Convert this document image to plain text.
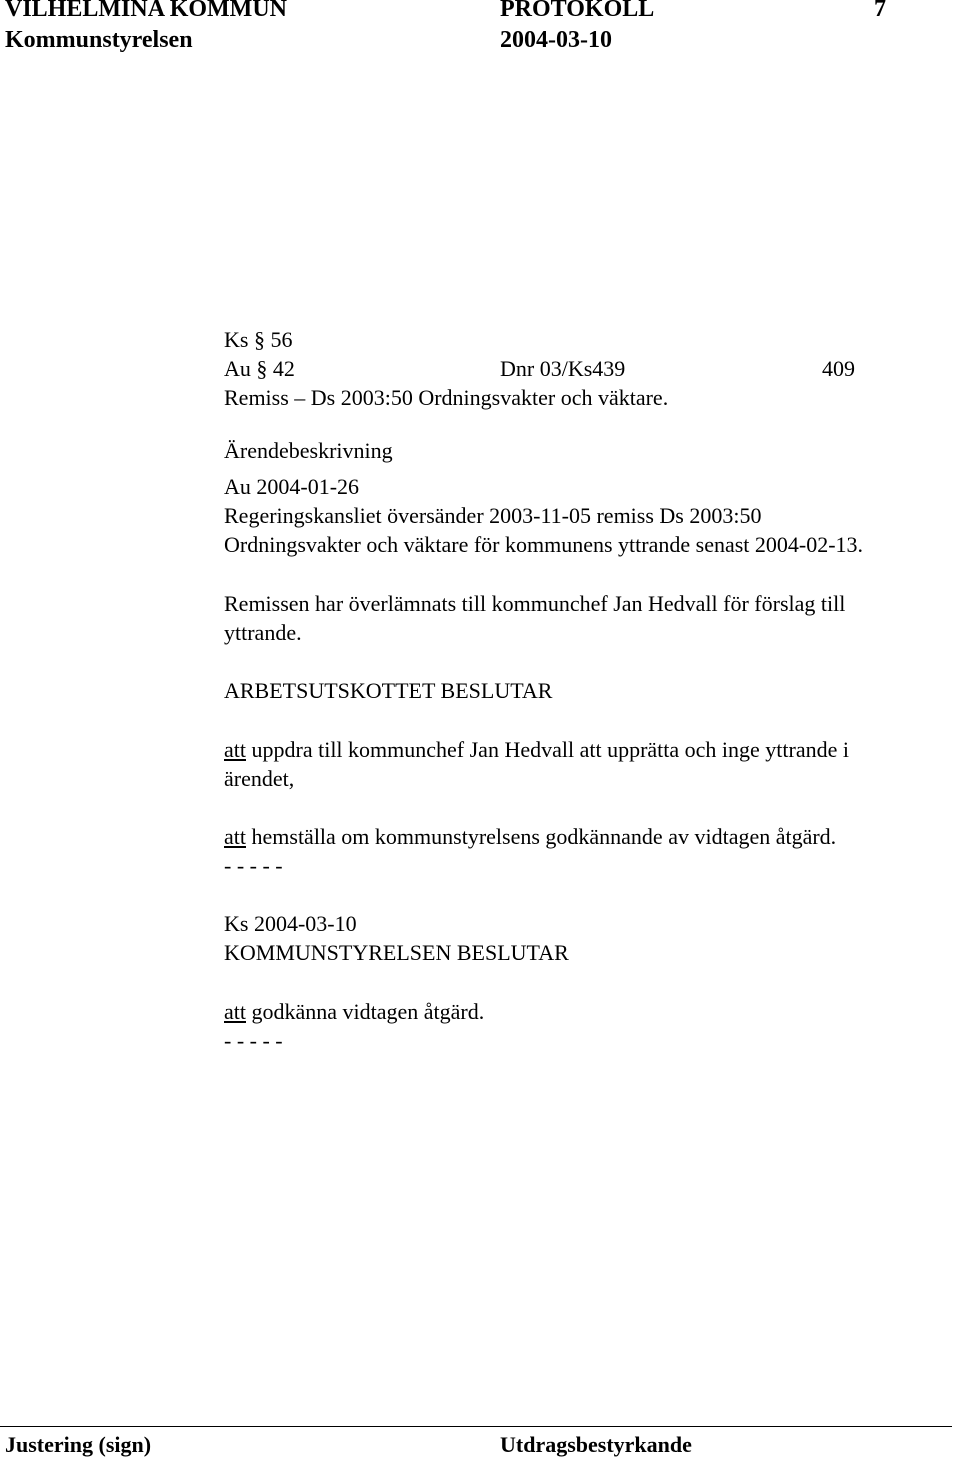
VILHELMINA KOMMUN	PROTOKOLL	7
Kommunstyrelsen	2004-03-10
Ks § 56
Au § 42	Dnr 03/Ks439	409
Remiss – Ds 2003:50 Ordningsvakter och väktare.
Ärendebeskrivning
Au 2004-01-26
Regeringskansliet översänder 2003-11-05 remiss Ds 2003:50
Ordningsvakter och väktare för kommunens yttrande senast 2004-02-13.
Remissen har överlämnats till kommunchef Jan Hedvall för förslag till
yttrande.
ARBETSUTSKOTTET BESLUTAR
att uppdra till kommunchef Jan Hedvall att upprätta och inge yttrande i
ärendet,
att hemställa om kommunstyrelsens godkännande av vidtagen åtgärd.
- - - - -
Ks 2004-03-10
KOMMUNSTYRELSEN BESLUTAR
att godkänna vidtagen åtgärd.
- - - - -
Justering (sign)	Utdragsbestyrkande
